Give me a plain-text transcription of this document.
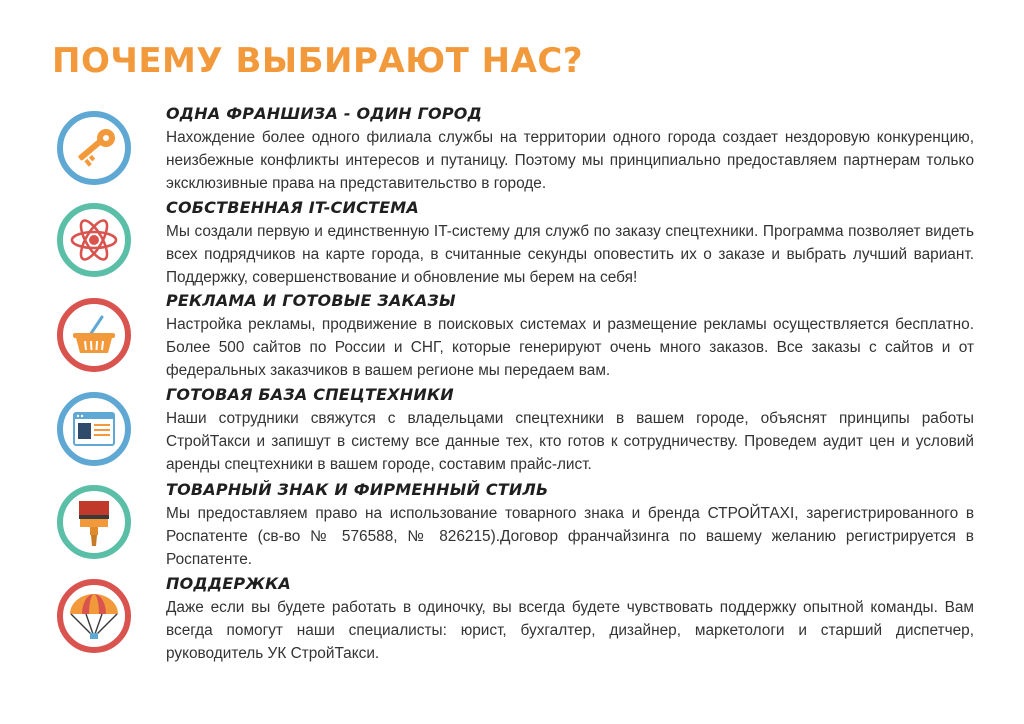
ПОЧЕМУ ВЫБИРАЮТ НАС?
ОДНА ФРАНШИЗА - ОДИН ГОРОД

Нахождение более одного филиала службы на территории одного города создает нездоровую конкуренцию, неизбежные конфликты интересов и путаницу. Поэтому мы принципиально предоставляем партнерам только эксклюзивные права на представительство в городе.

СОБСТВЕННАЯ IT-СИСТЕМА

Мы создали первую и единственную IT-систему для служб по заказу спецтехники. Программа позволяет видеть всех подрядчиков на карте города, в считанные секунды оповестить их о заказе и выбрать лучший вариант. Поддержку, совершенствование и обновление мы берем на себя!

РЕКЛАМА И ГОТОВЫЕ ЗАКАЗЫ

Настройка рекламы, продвижение в поисковых системах и размещение рекламы осуществляется бесплатно. Более 500 сайтов по России и СНГ, которые генерируют очень много заказов. Все заказы с сайтов и от федеральных заказчиков в вашем регионе мы передаем вам.

ГОТОВАЯ БАЗА СПЕЦТЕХНИКИ

Наши сотрудники свяжутся с владельцами спецтехники в вашем городе, объяснят принципы работы СтройТакси и запишут в систему все данные тех, кто готов к сотрудничеству. Проведем аудит цен и условий аренды спецтехники в вашем городе, составим прайс-лист.

ТОВАРНЫЙ ЗНАК И ФИРМЕННЫЙ СТИЛЬ

Мы предоставляем право на использование товарного знака и бренда СТРОЙТАXI, зарегистрированного в Роспатенте (св-во № 576588, № 826215).Договор франчайзинга по вашему желанию регистрируется в Роспатенте.

ПОДДЕРЖКА

Даже если вы будете работать в одиночку, вы всегда будете чувствовать поддержку опытной команды. Вам всегда помогут наши специалисты: юрист, бухгалтер, дизайнер, маркетологи и старший диспетчер, руководитель УК СтройТакси.
